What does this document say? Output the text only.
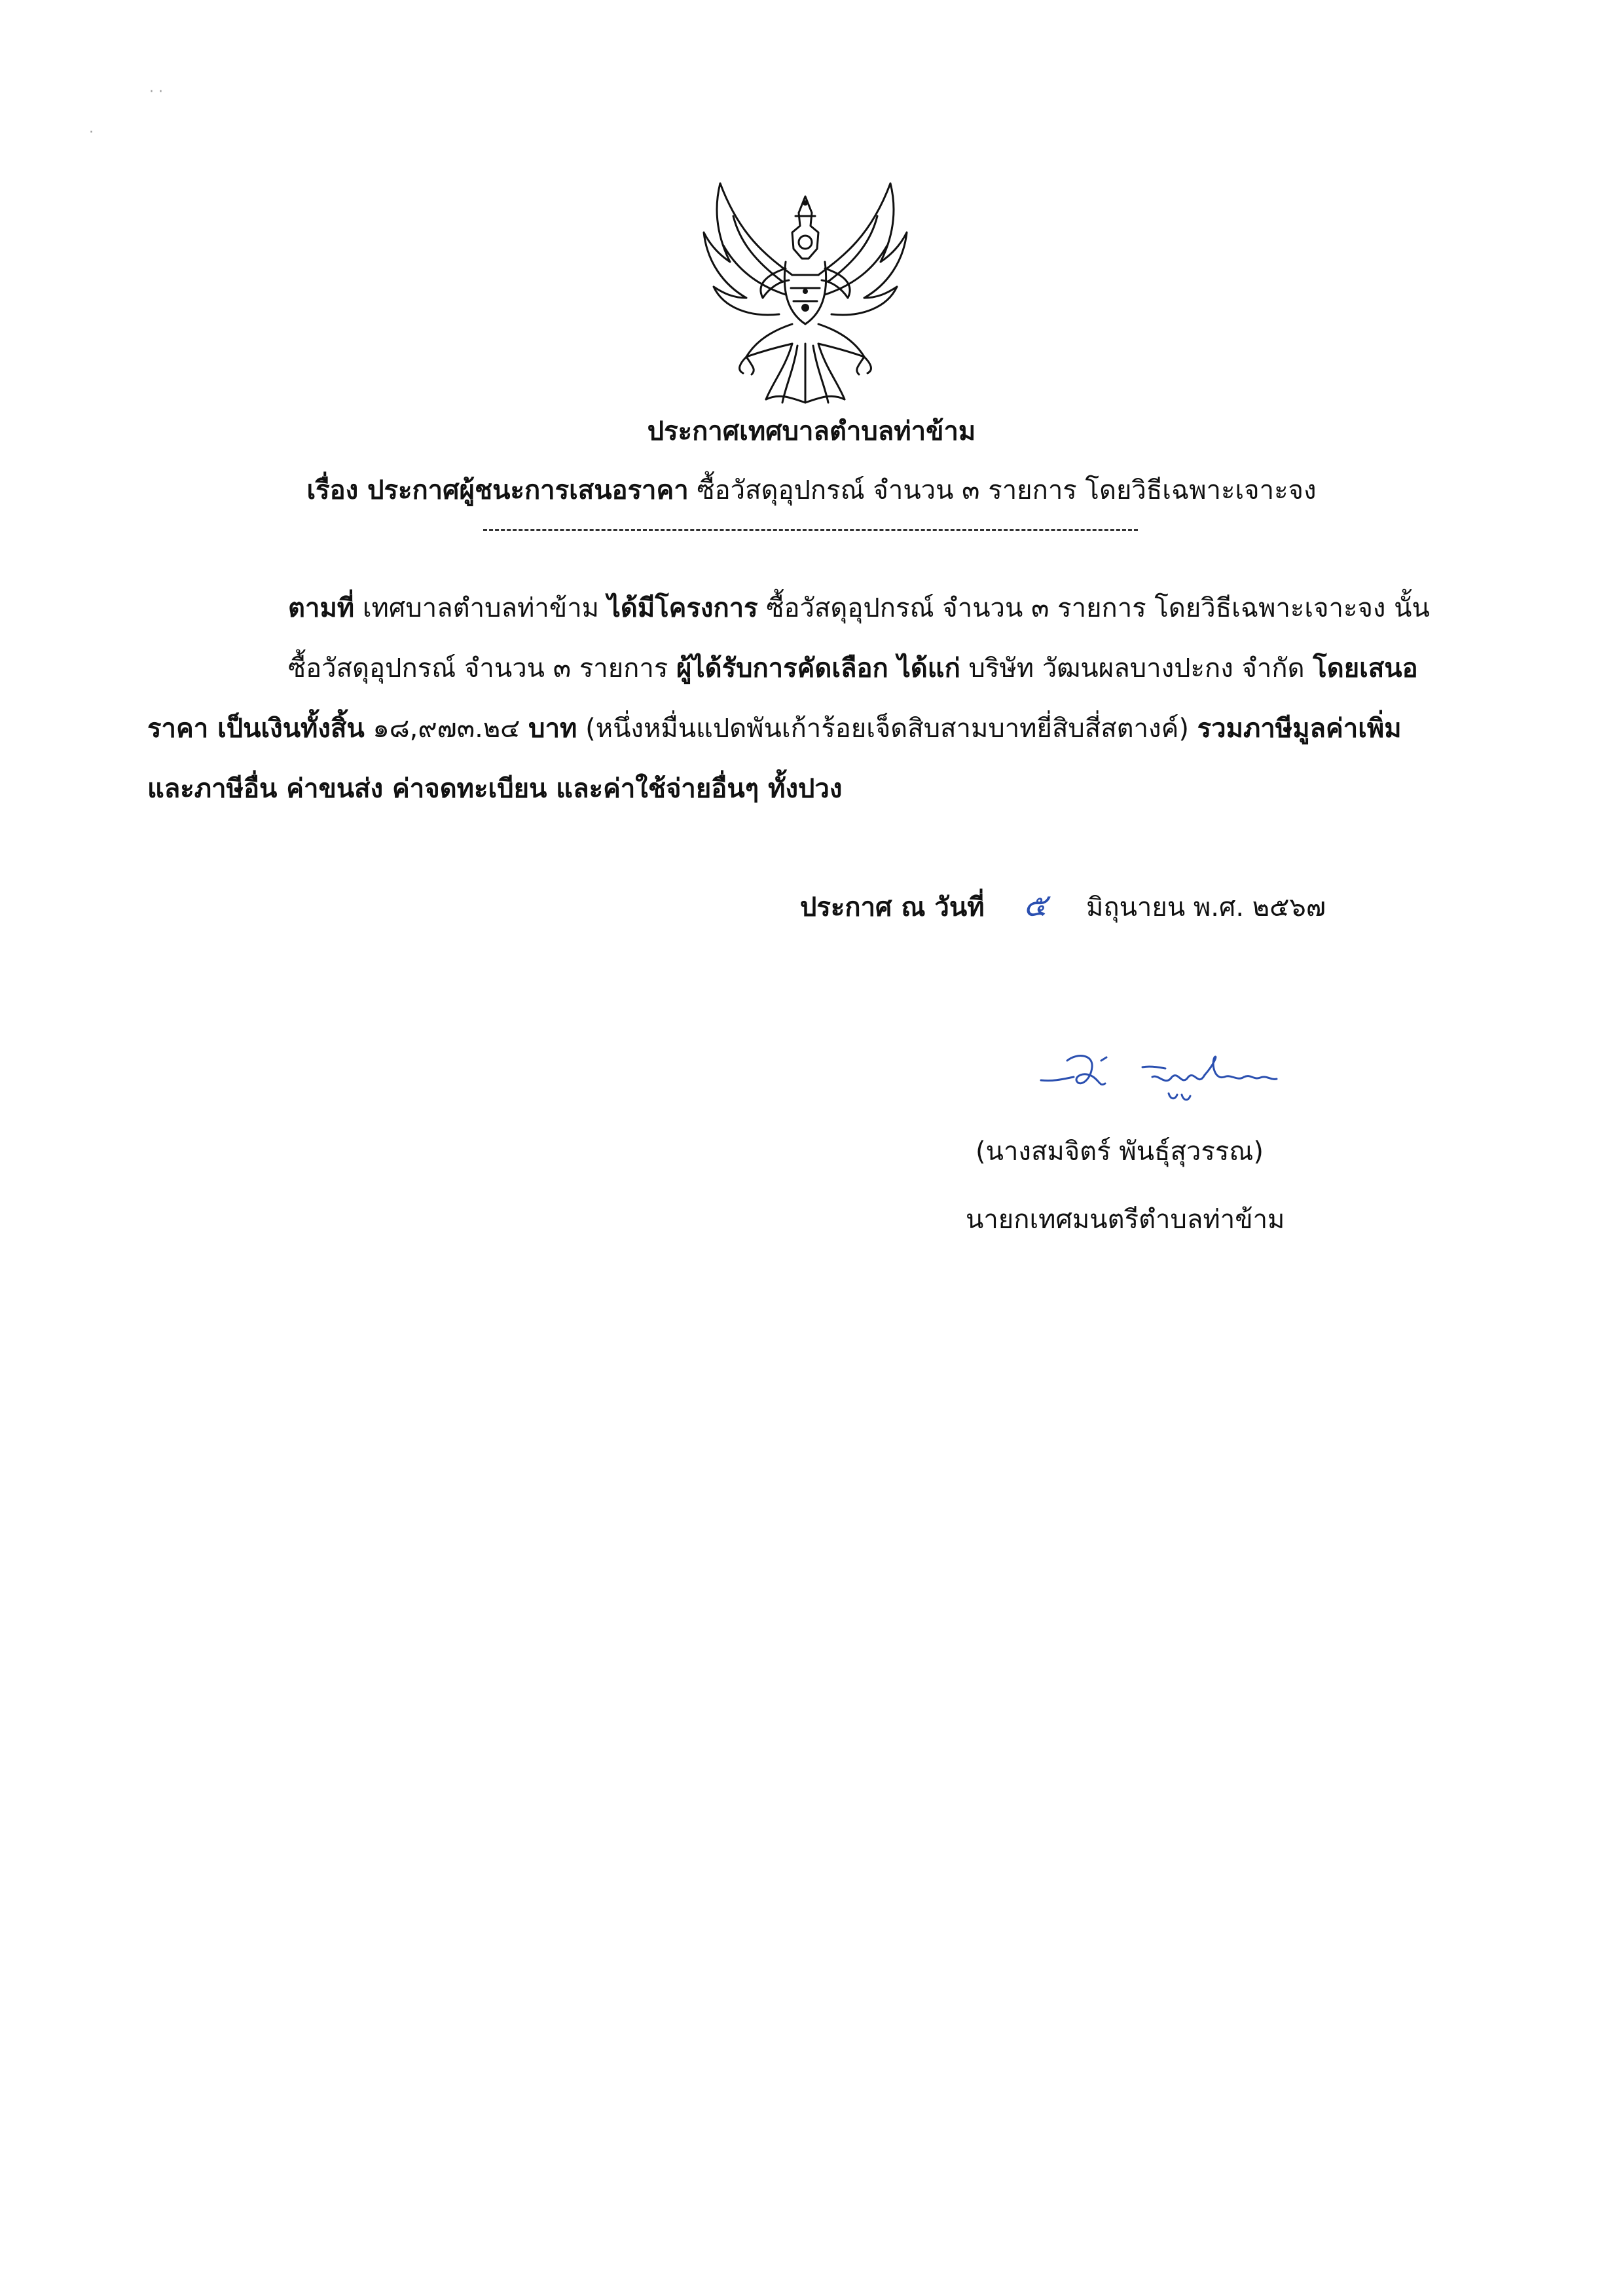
· ·
·
ประกาศเทศบาลตำบลท่าข้าม
เรื่อง ประกาศผู้ชนะการเสนอราคา ซื้อวัสดุอุปกรณ์ จำนวน ๓ รายการ โดยวิธีเฉพาะเจาะจง
ตามที่ เทศบาลตำบลท่าข้าม ได้มีโครงการ ซื้อวัสดุอุปกรณ์ จำนวน ๓ รายการ โดยวิธีเฉพาะเจาะจง นั้น
ซื้อวัสดุอุปกรณ์ จำนวน ๓ รายการ ผู้ได้รับการคัดเลือก ได้แก่ บริษัท วัฒนผลบางปะกง จำกัด โดยเสนอ
ราคา เป็นเงินทั้งสิ้น ๑๘,๙๗๓.๒๔ บาท (หนึ่งหมื่นแปดพันเก้าร้อยเจ็ดสิบสามบาทยี่สิบสี่สตางค์) รวมภาษีมูลค่าเพิ่ม
และภาษีอื่น ค่าขนส่ง ค่าจดทะเบียน และค่าใช้จ่ายอื่นๆ ทั้งปวง
ประกาศ ณ วันที่ ๕ มิถุนายน พ.ศ. ๒๕๖๗
(นางสมจิตร์ พันธุ์สุวรรณ)
นายกเทศมนตรีตำบลท่าข้าม
